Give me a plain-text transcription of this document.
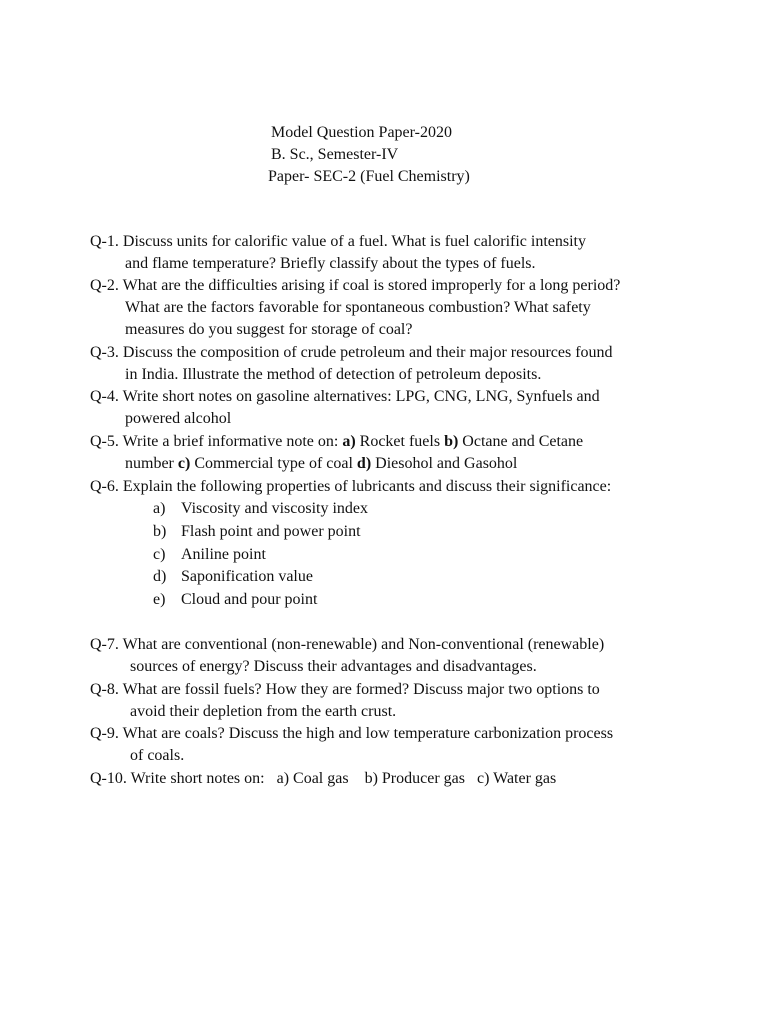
Model Question Paper-2020
B. Sc., Semester-IV
Paper- SEC-2 (Fuel Chemistry)
Q-1. Discuss units for calorific value of a fuel. What is fuel calorific intensity
and flame temperature? Briefly classify about the types of fuels.
Q-2. What are the difficulties arising if coal is stored improperly for a long period?
What are the factors favorable for spontaneous combustion? What safety
measures do you suggest for storage of coal?
Q-3. Discuss the composition of crude petroleum and their major resources found
in India. Illustrate the method of detection of petroleum deposits.
Q-4. Write short notes on gasoline alternatives: LPG, CNG, LNG, Synfuels and
powered alcohol
Q-5. Write a brief informative note on: a) Rocket fuels b) Octane and Cetane
number c) Commercial type of coal d) Diesohol and Gasohol
Q-6. Explain the following properties of lubricants and discuss their significance:
a) Viscosity and viscosity index
b) Flash point and power point
c) Aniline point
d) Saponification value
e) Cloud and pour point
Q-7. What are conventional (non-renewable) and Non-conventional (renewable)
sources of energy? Discuss their advantages and disadvantages.
Q-8. What are fossil fuels? How they are formed? Discuss major two options to
avoid their depletion from the earth crust.
Q-9. What are coals? Discuss the high and low temperature carbonization process
of coals.
Q-10. Write short notes on:   a) Coal gas    b) Producer gas   c) Water gas
